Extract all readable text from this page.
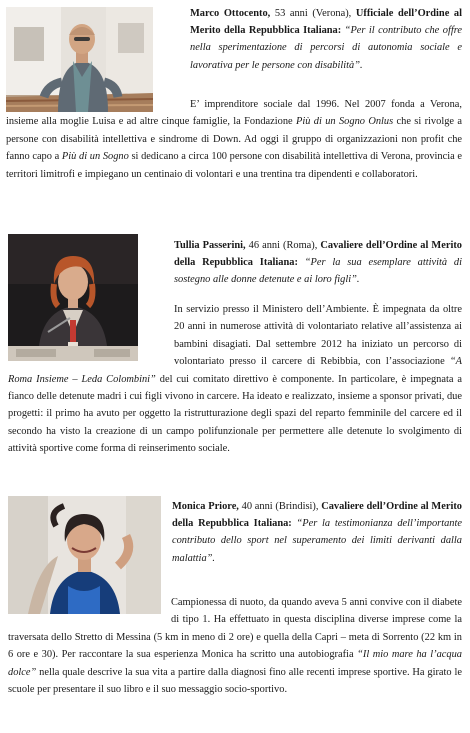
Marco Ottocento, 53 anni (Verona), Ufficiale dell’Ordine al Merito della Repubblica Italiana: “Per il contributo che offre nella sperimentazione di percorsi di autonomia sociale e lavorativa per le persone con disabilità”.

E’ imprenditore sociale dal 1996. Nel 2007 fonda a Verona, insieme alla moglie Luisa e ad altre cinque famiglie, la Fondazione Più di un Sogno Onlus che si rivolge a persone con disabilità intellettiva e sindrome di Down. Ad oggi il gruppo di organizzazioni non profit che fanno capo a Più di un Sogno si dedicano a circa 100 persone con disabilità intellettiva di Verona, provincia e territori limitrofi e impiegano un centinaio di volontari e una trentina tra dipendenti e collaboratori.

Tullia Passerini, 46 anni (Roma), Cavaliere dell’Ordine al Merito della Repubblica Italiana: “Per la sua esemplare attività di sostegno alle donne detenute e ai loro figli”.

In servizio presso il Ministero dell’Ambiente. È impegnata da oltre 20 anni in numerose attività di volontariato relative all’assistenza ai bambini disagiati. Dal settembre 2012 ha iniziato un percorso di volontariato presso il carcere di Rebibbia, con l’associazione “A Roma Insieme – Leda Colombini” del cui comitato direttivo è componente. In particolare, è impegnata a fianco delle detenute madri i cui figli vivono in carcere. Ha ideato e realizzato, insieme a sponsor privati, due progetti: il primo ha avuto per oggetto la ristrutturazione degli spazi del reparto femminile del carcere ed il secondo ha visto la creazione di un campo polifunzionale per permettere alle detenute lo svolgimento di attività sportive come forma di reinserimento sociale.

Monica Priore, 40 anni (Brindisi), Cavaliere dell’Ordine al Merito della Repubblica Italiana: “Per la testimonianza dell’importante contributo dello sport nel superamento dei limiti derivanti dalla malattia”.

Campionessa di nuoto, da quando aveva 5 anni convive con il diabete di tipo 1. Ha effettuato in questa disciplina diverse imprese come la traversata dello Stretto di Messina (5 km in meno di 2 ore) e quella della Capri – meta di Sorrento (22 km in 6 ore e 30). Per raccontare la sua esperienza Monica ha scritto una autobiografia “Il mio mare ha l’acqua dolce” nella quale descrive la sua vita a partire dalla diagnosi fino alle recenti imprese sportive. Ha girato le scuole per presentare il suo libro e il suo messaggio socio-sportivo.
